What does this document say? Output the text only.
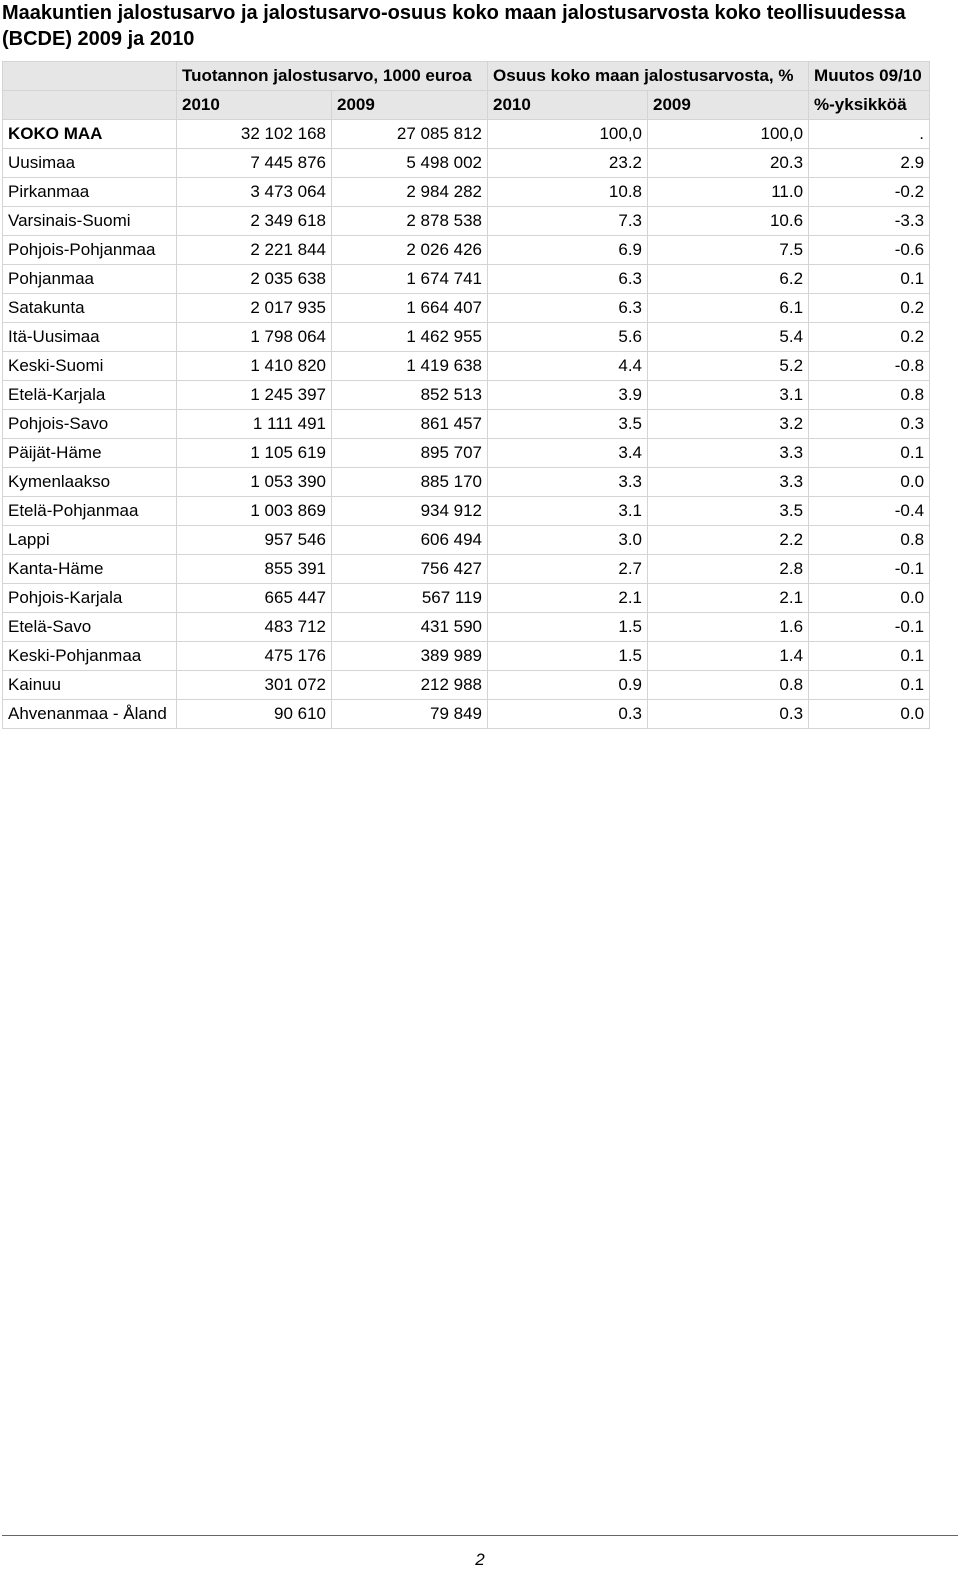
Maakuntien jalostusarvo ja jalostusarvo-osuus koko maan jalostusarvosta koko teollisuudessa (BCDE) 2009 ja 2010
	Tuotannon jalostusarvo, 1000 euroa		Osuus koko maan jalostusarvosta, %		Muutos 09/10
	2010	2009	2010	2009	%-yksikköä
KOKO MAA	32 102 168	27 085 812	100,0	100,0	.
Uusimaa	7 445 876	5 498 002	23.2	20.3	2.9
Pirkanmaa	3 473 064	2 984 282	10.8	11.0	-0.2
Varsinais-Suomi	2 349 618	2 878 538	7.3	10.6	-3.3
Pohjois-Pohjanmaa	2 221 844	2 026 426	6.9	7.5	-0.6
Pohjanmaa	2 035 638	1 674 741	6.3	6.2	0.1
Satakunta	2 017 935	1 664 407	6.3	6.1	0.2
Itä-Uusimaa	1 798 064	1 462 955	5.6	5.4	0.2
Keski-Suomi	1 410 820	1 419 638	4.4	5.2	-0.8
Etelä-Karjala	1 245 397	852 513	3.9	3.1	0.8
Pohjois-Savo	1 111 491	861 457	3.5	3.2	0.3
Päijät-Häme	1 105 619	895 707	3.4	3.3	0.1
Kymenlaakso	1 053 390	885 170	3.3	3.3	0.0
Etelä-Pohjanmaa	1 003 869	934 912	3.1	3.5	-0.4
Lappi	957 546	606 494	3.0	2.2	0.8
Kanta-Häme	855 391	756 427	2.7	2.8	-0.1
Pohjois-Karjala	665 447	567 119	2.1	2.1	0.0
Etelä-Savo	483 712	431 590	1.5	1.6	-0.1
Keski-Pohjanmaa	475 176	389 989	1.5	1.4	0.1
Kainuu	301 072	212 988	0.9	0.8	0.1
Ahvenanmaa - Åland	90 610	79 849	0.3	0.3	0.0
2
